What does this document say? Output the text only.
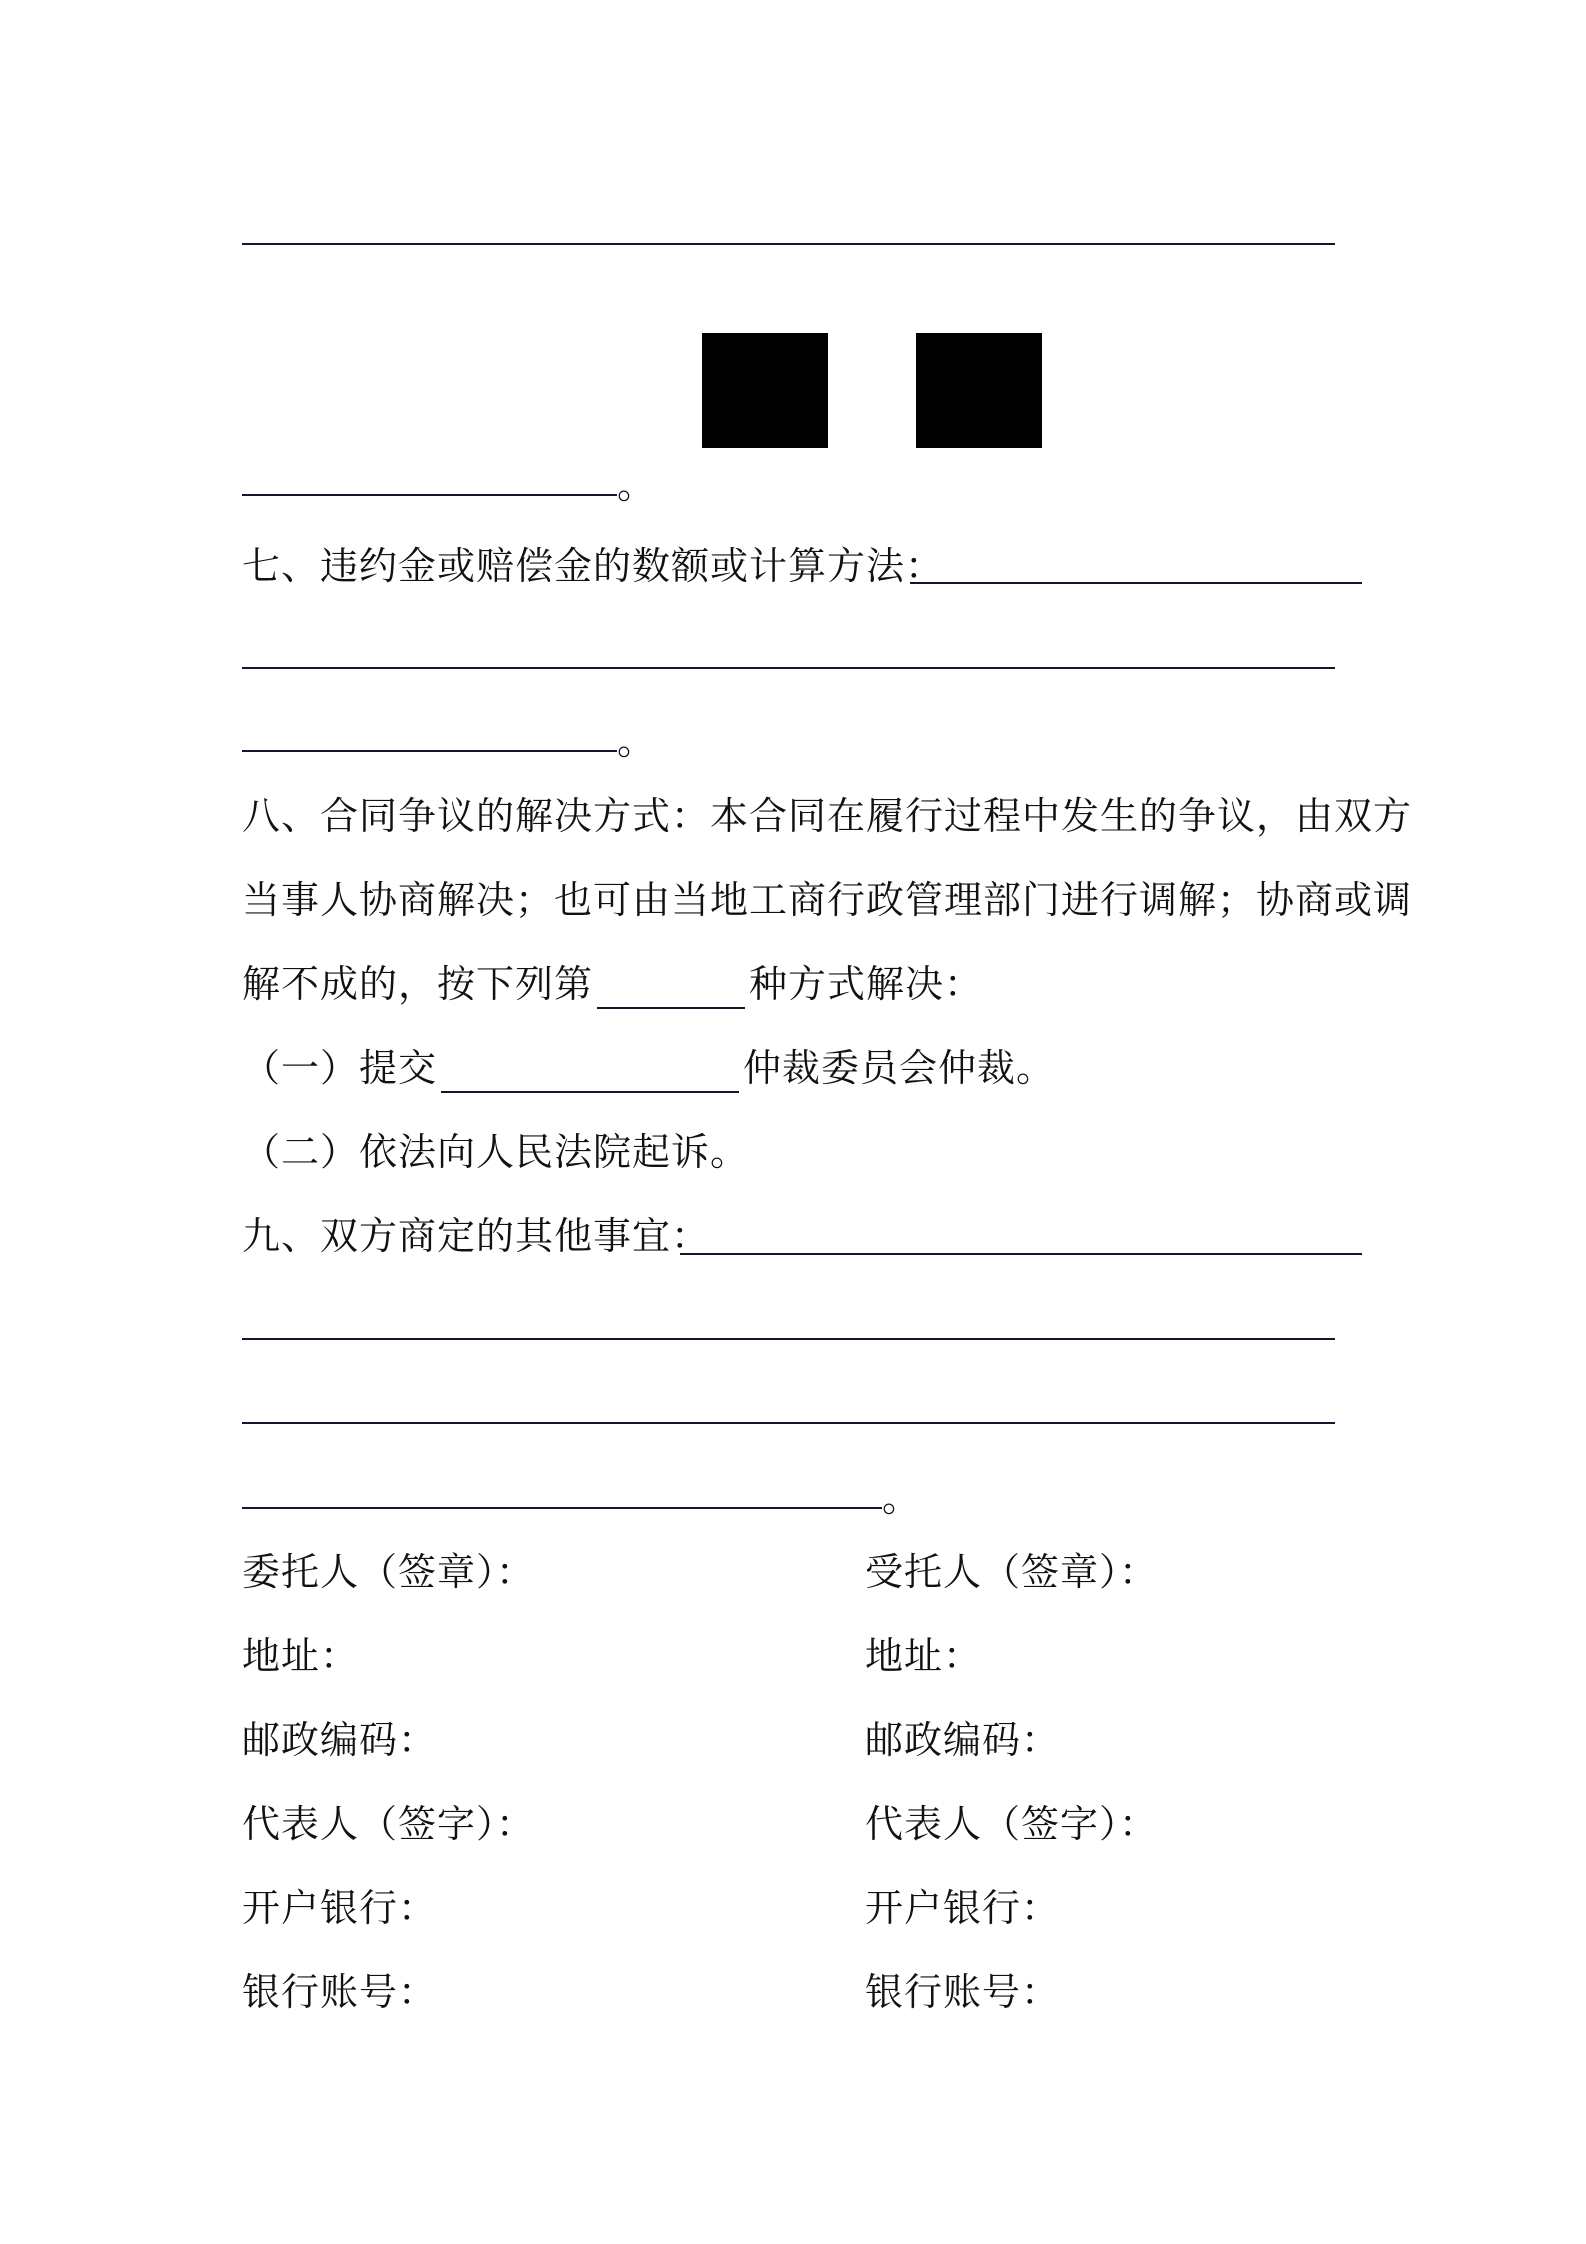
。
七、违约金或赔偿金的数额或计算方法：
。
八、合同争议的解决方式：本合同在履行过程中发生的争议，由双方
当事人协商解决；也可由当地工商行政管理部门进行调解；协商或调
解不成的，按下列第	种方式解决：
（一）提交	仲裁委员会仲裁。
（二）依法向人民法院起诉。
九、双方商定的其他事宜：
。
委托人（签章）：
地址：
邮政编码：
代表人（签字）：
开户银行：
银行账号：
受托人（签章）：
地址：
邮政编码：
代表人（签字）：
开户银行：
银行账号：
